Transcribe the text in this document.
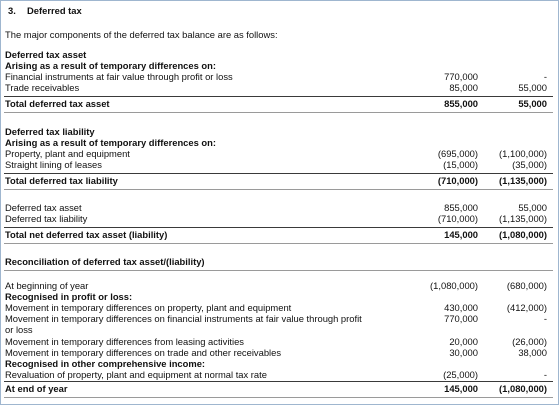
3. Deferred tax
The major components of the deferred tax balance are as follows:
Deferred tax asset
Arising as a result of temporary differences on:
Financial instruments at fair value through profit or loss	770,000	-
Trade receivables	85,000	55,000
Total deferred tax asset	855,000	55,000
Deferred tax liability
Arising as a result of temporary differences on:
Property, plant and equipment	(695,000) (1,100,000)
Straight lining of leases	(15,000)	(35,000)
Total deferred tax liability	(710,000) (1,135,000)
Deferred tax asset	855,000	55,000
Deferred tax liability	(710,000) (1,135,000)
Total net deferred tax asset (liability)	145,000 (1,080,000)
Reconciliation of deferred tax asset/(liability)
At beginning of year	(1,080,000)	(680,000)
Recognised in profit or loss:
Movement in temporary differences on property, plant and equipment	430,000	(412,000)
Movement in temporary differences on financial instruments at fair value through profit	770,000	-
or loss
Movement in temporary differences from leasing activities	20,000	(26,000)
Movement in temporary differences on trade and other receivables	30,000	38,000
Recognised in other comprehensive income:
Revaluation of property, plant and equipment at normal tax rate	(25,000)	-
At end of year	145,000 (1,080,000)
